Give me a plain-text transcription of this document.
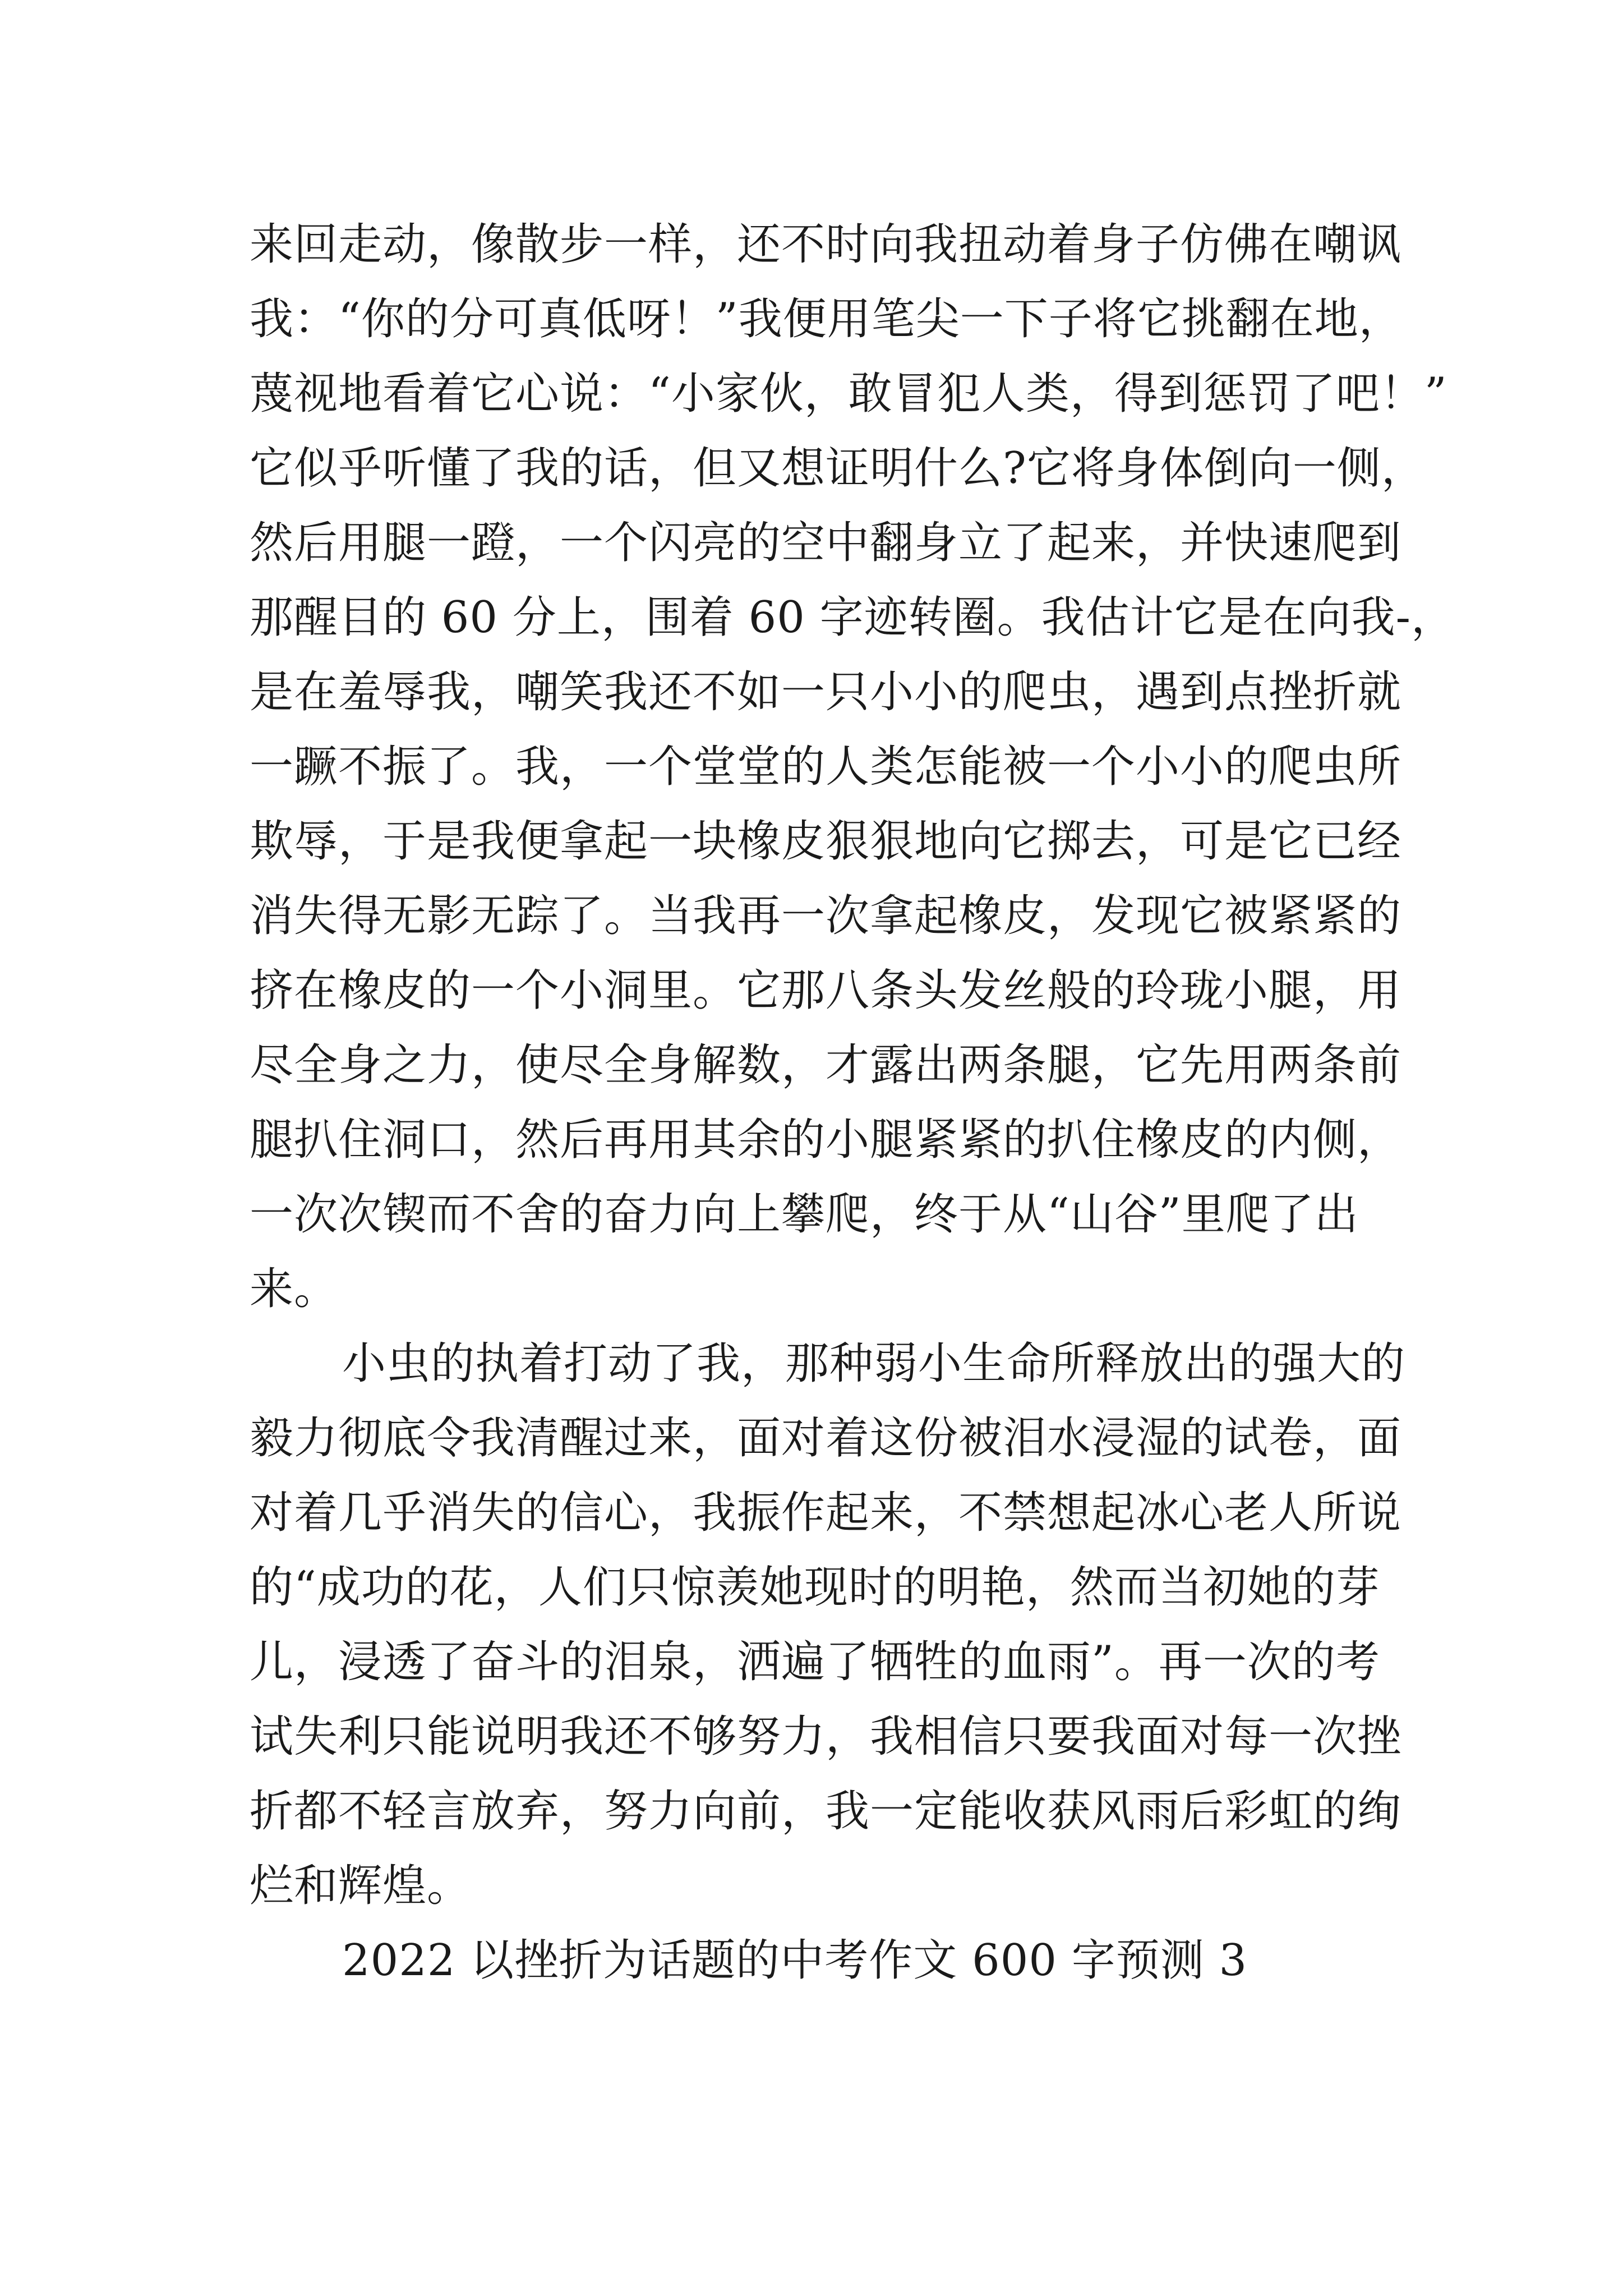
来回走动，像散步一样，还不时向我扭动着身子仿佛在嘲讽
我：“你的分可真低呀！”我便用笔尖一下子将它挑翻在地，
蔑视地看着它心说：“小家伙，敢冒犯人类，得到惩罚了吧！”
它似乎听懂了我的话，但又想证明什么?它将身体倒向一侧，
然后用腿一蹬，一个闪亮的空中翻身立了起来，并快速爬到
那醒目的 60 分上，围着 60 字迹转圈。我估计它是在向我-，
是在羞辱我，嘲笑我还不如一只小小的爬虫，遇到点挫折就
一蹶不振了。我，一个堂堂的人类怎能被一个小小的爬虫所
欺辱，于是我便拿起一块橡皮狠狠地向它掷去，可是它已经
消失得无影无踪了。当我再一次拿起橡皮，发现它被紧紧的
挤在橡皮的一个小洞里。它那八条头发丝般的玲珑小腿，用
尽全身之力，使尽全身解数，才露出两条腿，它先用两条前
腿扒住洞口，然后再用其余的小腿紧紧的扒住橡皮的内侧，
一次次锲而不舍的奋力向上攀爬，终于从“山谷”里爬了出
来。
小虫的执着打动了我，那种弱小生命所释放出的强大的
毅力彻底令我清醒过来，面对着这份被泪水浸湿的试卷，面
对着几乎消失的信心，我振作起来，不禁想起冰心老人所说
的“成功的花，人们只惊羡她现时的明艳，然而当初她的芽
儿，浸透了奋斗的泪泉，洒遍了牺牲的血雨”。再一次的考
试失利只能说明我还不够努力，我相信只要我面对每一次挫
折都不轻言放弃，努力向前，我一定能收获风雨后彩虹的绚
烂和辉煌。
2022 以挫折为话题的中考作文 600 字预测 3
